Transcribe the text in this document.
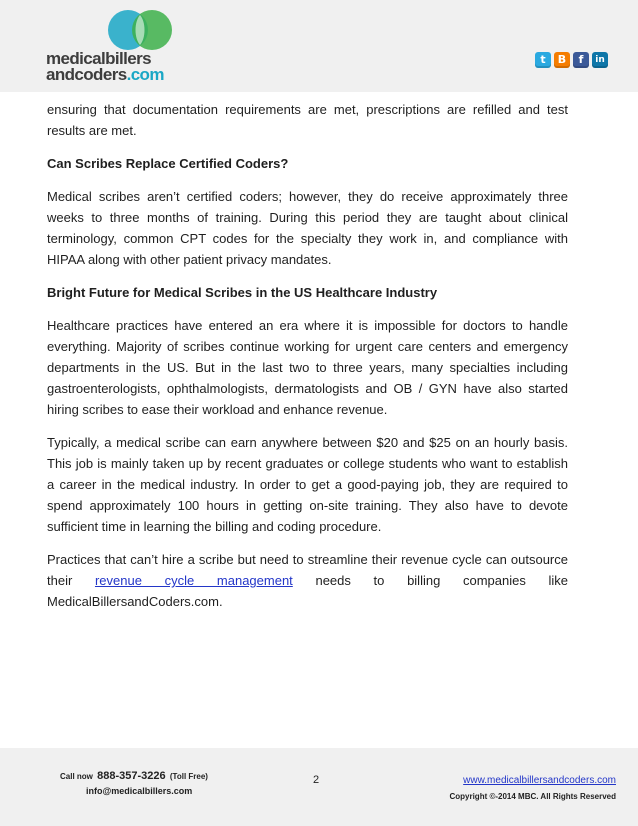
medicalbillers
andcoders.com
t	B	f	in

ensuring that documentation requirements are met, prescriptions are refilled and test results are met.

Can Scribes Replace Certified Coders?

Medical scribes aren’t certified coders; however, they do receive approximately three weeks to three months of training. During this period they are taught about clinical terminology, common CPT codes for the specialty they work in, and compliance with HIPAA along with other patient privacy mandates.

Bright Future for Medical Scribes in the US Healthcare Industry

Healthcare practices have entered an era where it is impossible for doctors to handle everything. Majority of scribes continue working for urgent care centers and emergency departments in the US. But in the last two to three years, many specialties including gastroenterologists, ophthalmologists, dermatologists and OB / GYN have also started hiring scribes to ease their workload and enhance revenue.

Typically, a medical scribe can earn anywhere between $20 and $25 on an hourly basis. This job is mainly taken up by recent graduates or college students who want to establish a career in the medical industry. In order to get a good-paying job, they are required to spend approximately 100 hours in getting on-site training. They also have to devote sufficient time in learning the billing and coding procedure.

Practices that can’t hire a scribe but need to streamline their revenue cycle can outsource their revenue cycle management needs to billing companies like MedicalBillersandCoders.com.

Call now 888-357-3226 (Toll Free)
info@medicalbillers.com
2	www.medicalbillersandcoders.com
Copyright ©-2014 MBC. All Rights Reserved
